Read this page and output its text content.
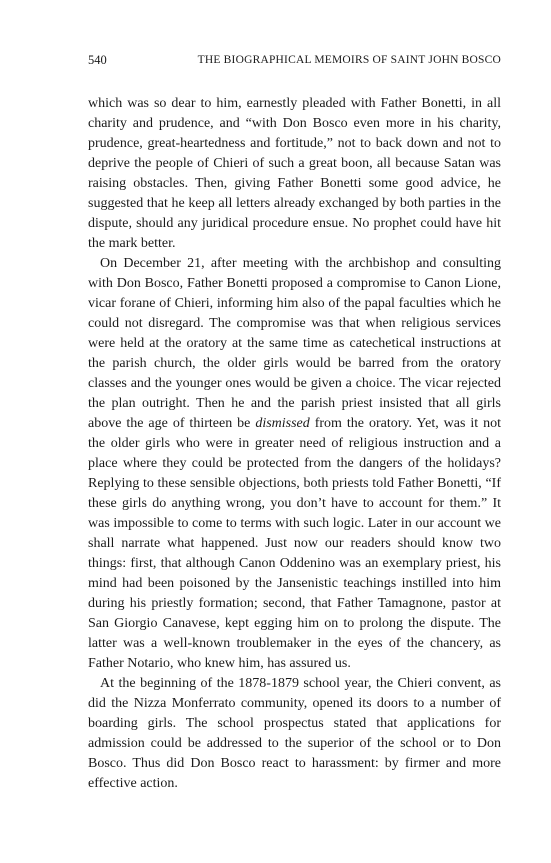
540	THE BIOGRAPHICAL MEMOIRS OF SAINT JOHN BOSCO

which was so dear to him, earnestly pleaded with Father Bonetti, in all charity and prudence, and “with Don Bosco even more in his charity, prudence, great-heartedness and fortitude,” not to back down and not to deprive the people of Chieri of such a great boon, all because Satan was raising obstacles. Then, giving Father Bonetti some good advice, he suggested that he keep all letters already exchanged by both parties in the dispute, should any juridical procedure ensue. No prophet could have hit the mark better.

On December 21, after meeting with the archbishop and consulting with Don Bosco, Father Bonetti proposed a compromise to Canon Lione, vicar forane of Chieri, informing him also of the papal faculties which he could not disregard. The compromise was that when religious services were held at the oratory at the same time as catechetical instructions at the parish church, the older girls would be barred from the oratory classes and the younger ones would be given a choice. The vicar rejected the plan outright. Then he and the parish priest insisted that all girls above the age of thirteen be dismissed from the oratory. Yet, was it not the older girls who were in greater need of religious instruction and a place where they could be protected from the dangers of the holidays? Replying to these sensible objections, both priests told Father Bonetti, “If these girls do anything wrong, you don’t have to account for them.” It was impossible to come to terms with such logic. Later in our account we shall narrate what happened. Just now our readers should know two things: first, that although Canon Oddenino was an exemplary priest, his mind had been poisoned by the Jansenistic teachings instilled into him during his priestly formation; second, that Father Tamagnone, pastor at San Giorgio Canavese, kept egging him on to prolong the dispute. The latter was a well-known troublemaker in the eyes of the chancery, as Father Notario, who knew him, has assured us.

At the beginning of the 1878-1879 school year, the Chieri convent, as did the Nizza Monferrato community, opened its doors to a number of boarding girls. The school prospectus stated that applications for admission could be addressed to the superior of the school or to Don Bosco. Thus did Don Bosco react to harassment: by firmer and more effective action.
